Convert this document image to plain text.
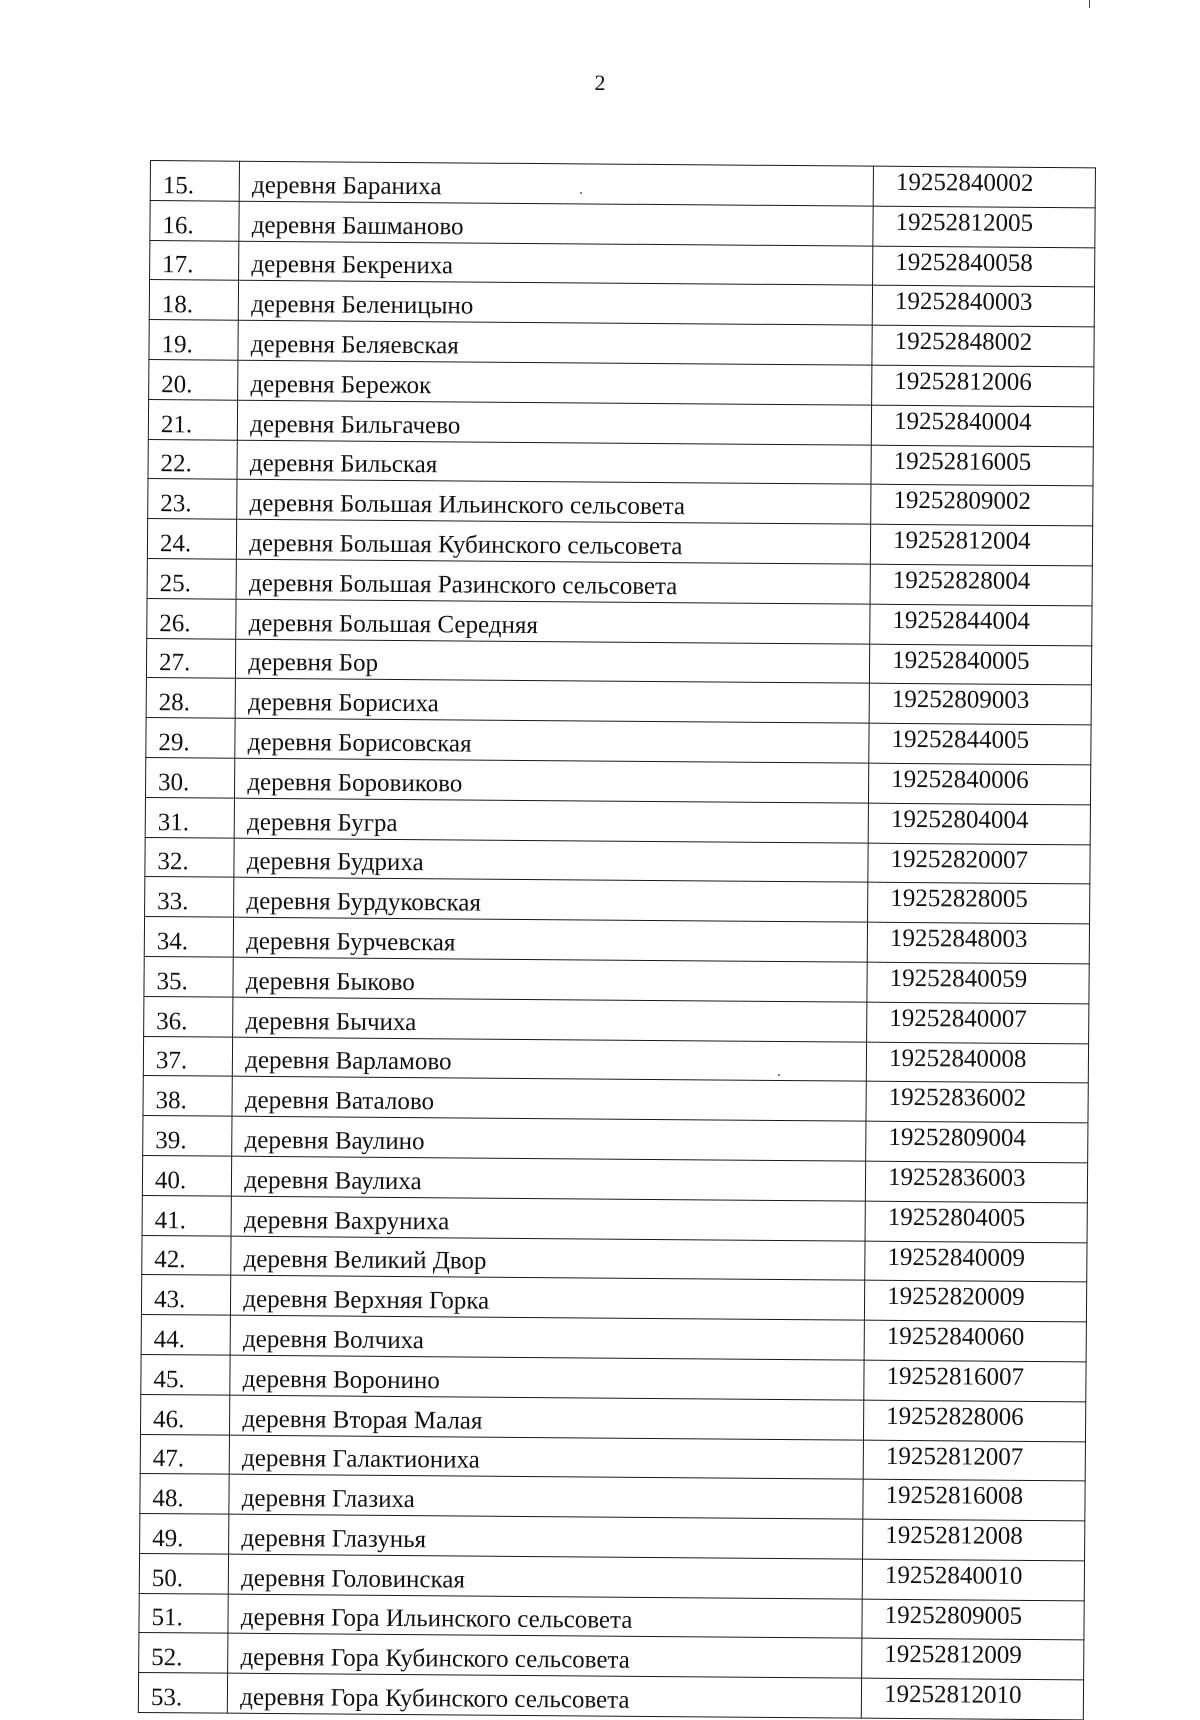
2
15.	деревня Бараниха	19252840002
16.	деревня Башманово	19252812005
17.	деревня Бекрениха	19252840058
18.	деревня Беленицыно	19252840003
19.	деревня Беляевская	19252848002
20.	деревня Бережок	19252812006
21.	деревня Бильгачево	19252840004
22.	деревня Бильская	19252816005
23.	деревня Большая Ильинского сельсовета	19252809002
24.	деревня Большая Кубинского сельсовета	19252812004
25.	деревня Большая Разинского сельсовета	19252828004
26.	деревня Большая Середняя	19252844004
27.	деревня Бор	19252840005
28.	деревня Борисиха	19252809003
29.	деревня Борисовская	19252844005
30.	деревня Боровиково	19252840006
31.	деревня Бугра	19252804004
32.	деревня Будриха	19252820007
33.	деревня Бурдуковская	19252828005
34.	деревня Бурчевская	19252848003
35.	деревня Быково	19252840059
36.	деревня Бычиха	19252840007
37.	деревня Варламово	19252840008
38.	деревня Ваталово	19252836002
39.	деревня Ваулино	19252809004
40.	деревня Ваулиха	19252836003
41.	деревня Вахруниха	19252804005
42.	деревня Великий Двор	19252840009
43.	деревня Верхняя Горка	19252820009
44.	деревня Волчиха	19252840060
45.	деревня Воронино	19252816007
46.	деревня Вторая Малая	19252828006
47.	деревня Галактиониха	19252812007
48.	деревня Глазиха	19252816008
49.	деревня Глазунья	19252812008
50.	деревня Головинская	19252840010
51.	деревня Гора Ильинского сельсовета	19252809005
52.	деревня Гора Кубинского сельсовета	19252812009
53.	деревня Гора Кубинского сельсовета	19252812010
